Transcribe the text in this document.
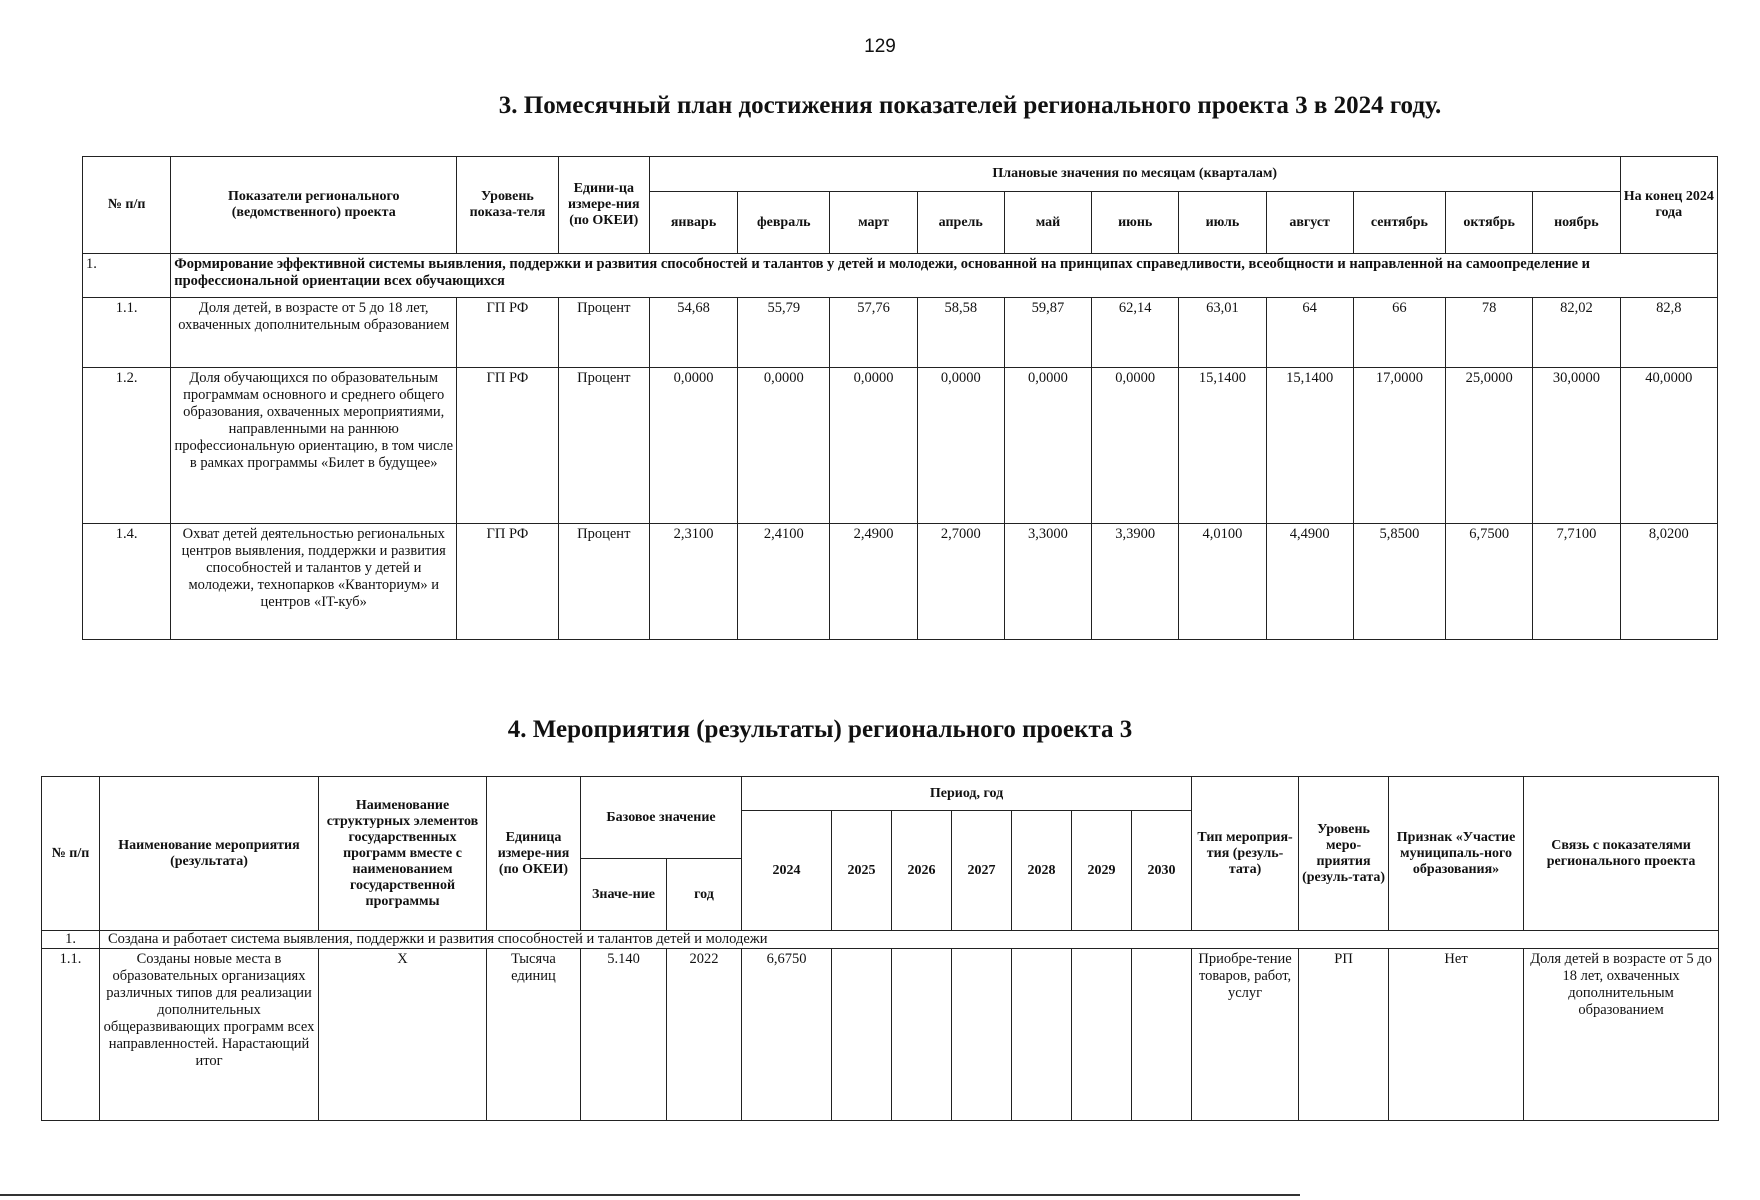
129
3. Помесячный план достижения показателей регионального проекта 3 в 2024 году.
№ п/п	Показатели регионального (ведомственного) проекта	Уровень показа-теля	Едини-ца измере-ния (по ОКЕИ)	Плановые значения по месяцам (кварталам)											На конец 2024 года
				январь	февраль	март	апрель	май	июнь	июль	август	сентябрь	октябрь	ноябрь	
1.	Формирование эффективной системы выявления, поддержки и развития способностей и талантов у детей и молодежи, основанной на принципах справедливости, всеобщности и направленной на самоопределение и профессиональной ориентации всех обучающихся														
1.1.	Доля детей, в возрасте от 5 до 18 лет, охваченных дополнительным образованием	ГП РФ	Процент	54,68	55,79	57,76	58,58	59,87	62,14	63,01	64	66	78	82,02	82,8
1.2.	Доля обучающихся по образовательным программам основного и среднего общего образования, охваченных мероприятиями, направленными на раннюю профессиональную ориентацию, в том числе в рамках программы «Билет в будущее»	ГП РФ	Процент	0,0000	0,0000	0,0000	0,0000	0,0000	0,0000	15,1400	15,1400	17,0000	25,0000	30,0000	40,0000
1.4.	Охват детей деятельностью региональных центров выявления, поддержки и развития способностей и талантов у детей и молодежи, технопарков «Кванториум» и центров «IT-куб»	ГП РФ	Процент	2,3100	2,4100	2,4900	2,7000	3,3000	3,3900	4,0100	4,4900	5,8500	6,7500	7,7100	8,0200
4. Мероприятия (результаты) регионального проекта 3
№ п/п	Наименование мероприятия (результата)	Наименование структурных элементов государственных программ вместе с наименованием государственной программы	Единица измере-ния (по ОКЕИ)	Базовое значение		Период, год							Тип мероприя-тия (резуль-тата)	Уровень меро-приятия (резуль-тата)	Признак «Участие муниципаль-ного образования»	Связь с показателями регионального проекта
						2024	2025	2026	2027	2028	2029	2030				
				Значе-ние	год											
1.	Создана и работает система выявления, поддержки и развития способностей и талантов детей и молодежи															
1.1.	Созданы новые места в образовательных организациях различных типов для реализации дополнительных общеразвивающих программ всех направленностей. Нарастающий итог	X	Тысяча единиц	5.140	2022	6,6750							Приобре-тение товаров, работ, услуг	РП	Нет	Доля детей в возрасте от 5 до 18 лет, охваченных дополнительным образованием
